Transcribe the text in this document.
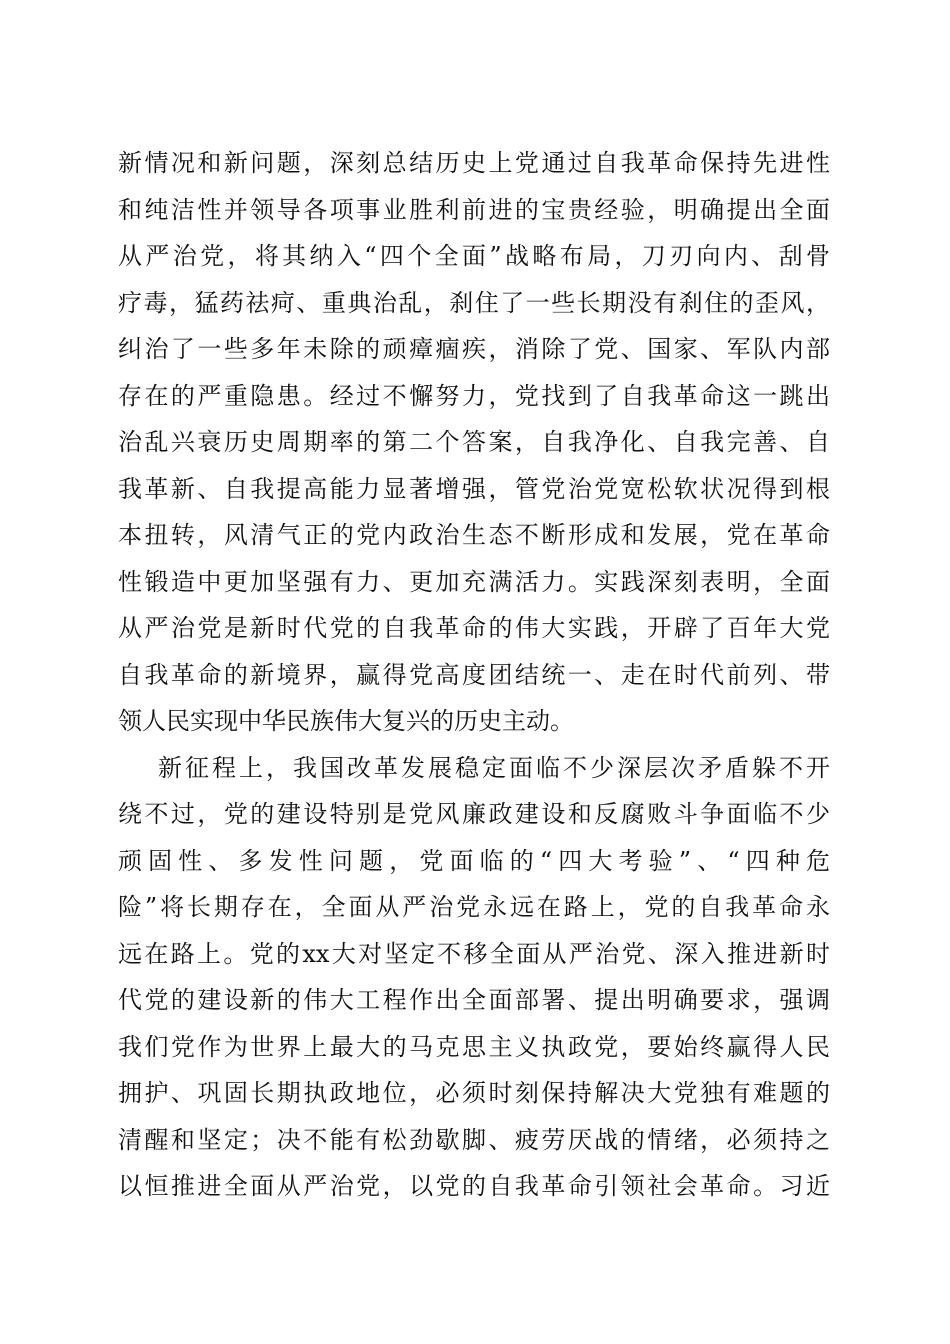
新情况和新问题，深刻总结历史上党通过自我革命保持先进性
和纯洁性并领导各项事业胜利前进的宝贵经验，明确提出全面
从严治党，将其纳入“四个全面”战略布局，刀刃向内、刮骨
疗毒，猛药祛疴、重典治乱，刹住了一些长期没有刹住的歪风，
纠治了一些多年未除的顽瘴痼疾，消除了党、国家、军队内部
存在的严重隐患。经过不懈努力，党找到了自我革命这一跳出
治乱兴衰历史周期率的第二个答案，自我净化、自我完善、自
我革新、自我提高能力显著增强，管党治党宽松软状况得到根
本扭转，风清气正的党内政治生态不断形成和发展，党在革命
性锻造中更加坚强有力、更加充满活力。实践深刻表明，全面
从严治党是新时代党的自我革命的伟大实践，开辟了百年大党
自我革命的新境界，赢得党高度团结统一、走在时代前列、带
领人民实现中华民族伟大复兴的历史主动。
新征程上，我国改革发展稳定面临不少深层次矛盾躲不开
绕不过，党的建设特别是党风廉政建设和反腐败斗争面临不少
顽固性、多发性问题，党面临的“四大考验”、“四种危
险”将长期存在，全面从严治党永远在路上，党的自我革命永
远在路上。党的xx大对坚定不移全面从严治党、深入推进新时
代党的建设新的伟大工程作出全面部署、提出明确要求，强调
我们党作为世界上最大的马克思主义执政党，要始终赢得人民
拥护、巩固长期执政地位，必须时刻保持解决大党独有难题的
清醒和坚定；决不能有松劲歇脚、疲劳厌战的情绪，必须持之
以恒推进全面从严治党，以党的自我革命引领社会革命。习近
